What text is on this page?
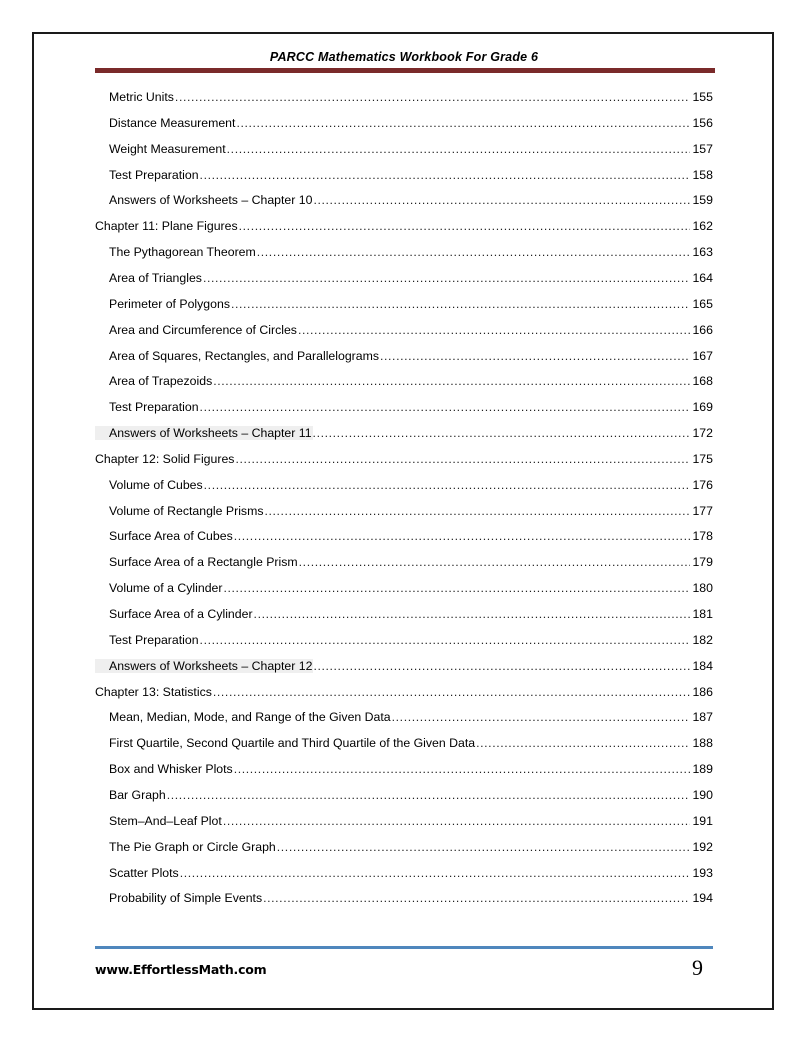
PARCC Mathematics Workbook For Grade 6
Metric Units .....	155
Distance Measurement .....	156
Weight Measurement .....	157
Test Preparation .....	158
Answers of Worksheets – Chapter 10 .....	159
Chapter 11: Plane Figures .....	162
The Pythagorean Theorem .....	163
Area of Triangles .....	164
Perimeter of Polygons .....	165
Area and Circumference of Circles .....	166
Area of Squares, Rectangles, and Parallelograms .....	167
Area of Trapezoids .....	168
Test Preparation .....	169
Answers of Worksheets – Chapter 11 .....	172
Chapter 12: Solid Figures .....	175
Volume of Cubes .....	176
Volume of Rectangle Prisms .....	177
Surface Area of Cubes .....	178
Surface Area of a Rectangle Prism .....	179
Volume of a Cylinder .....	180
Surface Area of a Cylinder .....	181
Test Preparation .....	182
Answers of Worksheets – Chapter 12 .....	184
Chapter 13: Statistics .....	186
Mean, Median, Mode, and Range of the Given Data .....	187
First Quartile, Second Quartile and Third Quartile of the Given Data .....	188
Box and Whisker Plots .....	189
Bar Graph .....	190
Stem–And–Leaf Plot .....	191
The Pie Graph or Circle Graph .....	192
Scatter Plots .....	193
Probability of Simple Events .....	194
www.EffortlessMath.com	9
